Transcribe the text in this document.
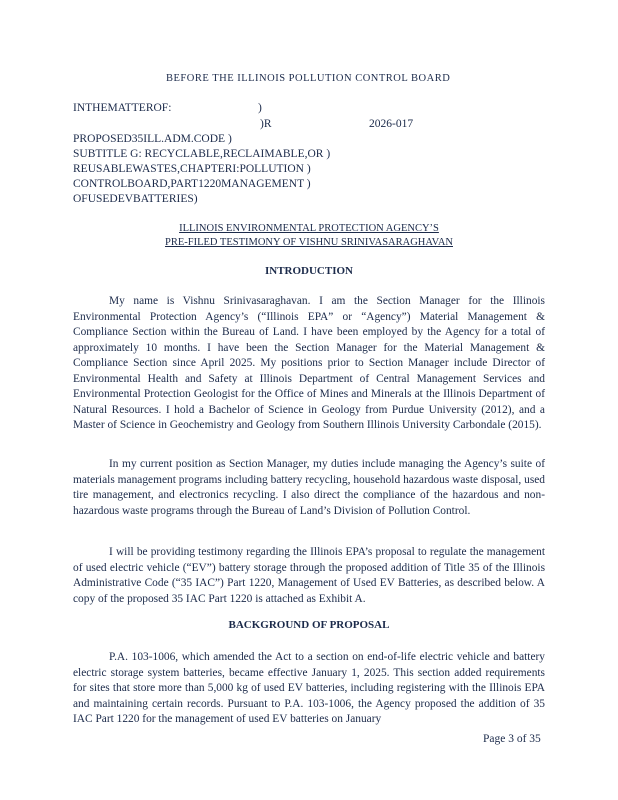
BEFORE THE ILLINOIS POLLUTION CONTROL BOARD
INTHEMATTEROF:	)
)R	2026-017
PROPOSED35ILL.ADM.CODE )
SUBTITLE G: RECYCLABLE,RECLAIMABLE,OR )
REUSABLEWASTES,CHAPTERI:POLLUTION )
CONTROLBOARD,PART1220MANAGEMENT )
OFUSEDEVBATTERIES)
ILLINOIS ENVIRONMENTAL PROTECTION AGENCY’S
PRE-FILED TESTIMONY OF VISHNU SRINIVASARAGHAVAN
INTRODUCTION
My name is Vishnu Srinivasaraghavan. I am the Section Manager for the Illinois Environmental Protection Agency’s (“Illinois EPA” or “Agency”) Material Management & Compliance Section within the Bureau of Land. I have been employed by the Agency for a total of approximately 10 months. I have been the Section Manager for the Material Management & Compliance Section since April 2025. My positions prior to Section Manager include Director of Environmental Health and Safety at Illinois Department of Central Management Services and Environmental Protection Geologist for the Office of Mines and Minerals at the Illinois Department of Natural Resources. I hold a Bachelor of Science in Geology from Purdue University (2012), and a Master of Science in Geochemistry and Geology from Southern Illinois University Carbondale (2015).
In my current position as Section Manager, my duties include managing the Agency’s suite of materials management programs including battery recycling, household hazardous waste disposal, used tire management, and electronics recycling. I also direct the compliance of the hazardous and non-hazardous waste programs through the Bureau of Land’s Division of Pollution Control.
I will be providing testimony regarding the Illinois EPA’s proposal to regulate the management of used electric vehicle (“EV”) battery storage through the proposed addition of Title 35 of the Illinois Administrative Code (“35 IAC”) Part 1220, Management of Used EV Batteries, as described below. A copy of the proposed 35 IAC Part 1220 is attached as Exhibit A.
BACKGROUND OF PROPOSAL
P.A. 103-1006, which amended the Act to a section on end-of-life electric vehicle and battery electric storage system batteries, became effective January 1, 2025. This section added requirements for sites that store more than 5,000 kg of used EV batteries, including registering with the Illinois EPA and maintaining certain records. Pursuant to P.A. 103-1006, the Agency proposed the addition of 35 IAC Part 1220 for the management of used EV batteries on January
Page 3 of 35
